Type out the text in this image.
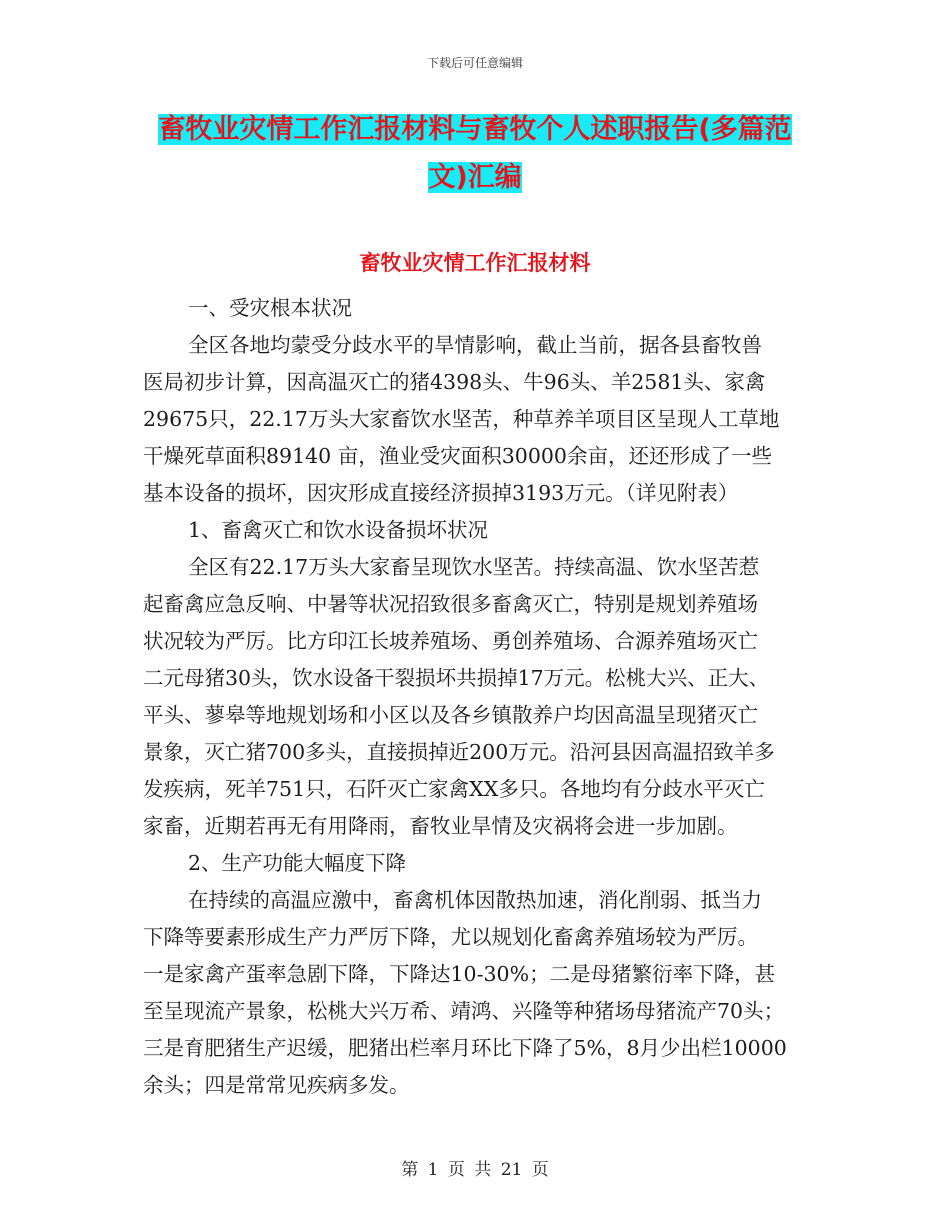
下载后可任意编辑
畜牧业灾情工作汇报材料与畜牧个人述职报告(多篇范
文)汇编
畜牧业灾情工作汇报材料
一、受灾根本状况
全区各地均蒙受分歧水平的旱情影响，截止当前，据各县畜牧兽
医局初步计算，因高温灭亡的猪4398头、牛96头、羊2581头、家禽
29675只，22.17万头大家畜饮水坚苦，种草养羊项目区呈现人工草地
干燥死草面积89140 亩，渔业受灾面积30000余亩，还还形成了一些
基本设备的损坏，因灾形成直接经济损掉3193万元。（详见附表）
1、畜禽灭亡和饮水设备损坏状况
全区有22.17万头大家畜呈现饮水坚苦。持续高温、饮水坚苦惹
起畜禽应急反响、中暑等状况招致很多畜禽灭亡，特别是规划养殖场
状况较为严厉。比方印江长坡养殖场、勇创养殖场、合源养殖场灭亡
二元母猪30头，饮水设备干裂损坏共损掉17万元。松桃大兴、正大、
平头、蓼皋等地规划场和小区以及各乡镇散养户均因高温呈现猪灭亡
景象，灭亡猪700多头，直接损掉近200万元。沿河县因高温招致羊多
发疾病，死羊751只，石阡灭亡家禽XX多只。各地均有分歧水平灭亡
家畜，近期若再无有用降雨，畜牧业旱情及灾祸将会进一步加剧。
2、生产功能大幅度下降
在持续的高温应激中，畜禽机体因散热加速，消化削弱、抵当力
下降等要素形成生产力严厉下降，尤以规划化畜禽养殖场较为严厉。
一是家禽产蛋率急剧下降，下降达10-30%；二是母猪繁衍率下降，甚
至呈现流产景象，松桃大兴万希、靖鸿、兴隆等种猪场母猪流产70头；
三是育肥猪生产迟缓，肥猪出栏率月环比下降了5%，8月少出栏10000
余头；四是常常见疾病多发。
第 1 页 共 21 页
